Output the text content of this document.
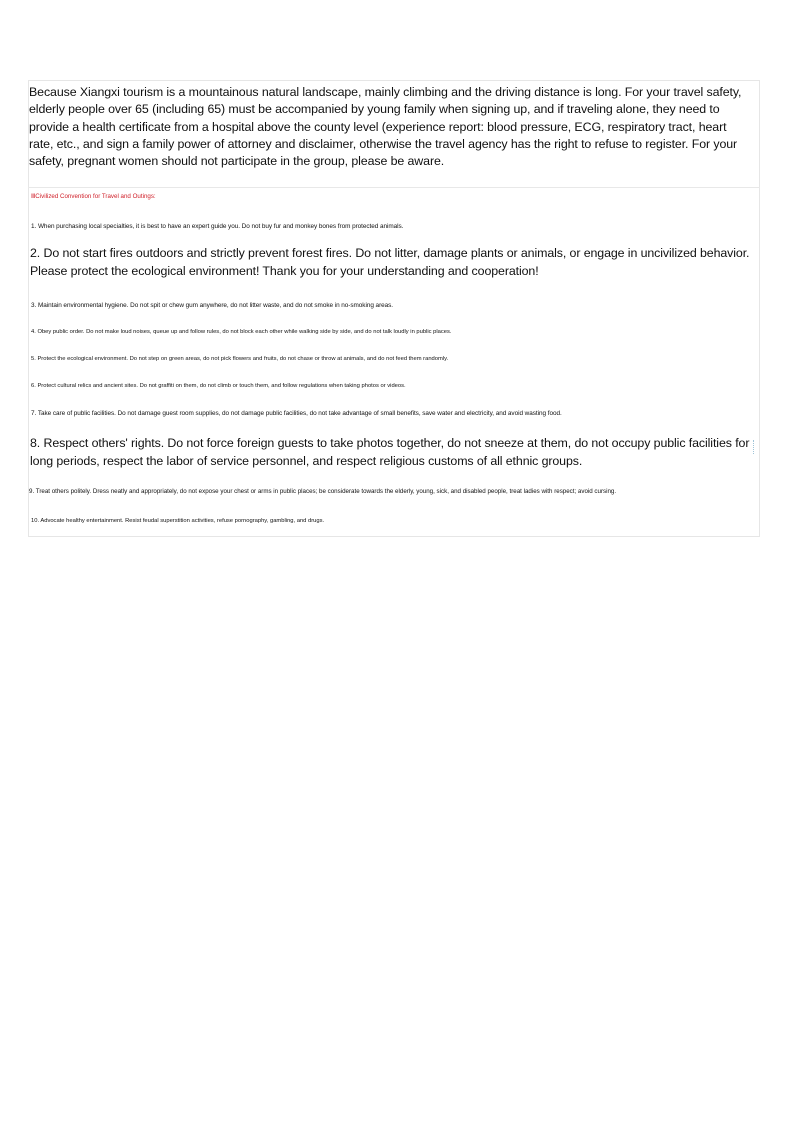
Because Xiangxi tourism is a mountainous natural landscape, mainly climbing and the driving distance is long. For your travel safety, elderly people over 65 (including 65) must be accompanied by young family when signing up, and if traveling alone, they need to provide a health certificate from a hospital above the county level (experience report: blood pressure, ECG, respiratory tract, heart rate, etc., and sign a family power of attorney and disclaimer, otherwise the travel agency has the right to refuse to register. For your safety, pregnant women should not participate in the group, please be aware.

ⅢCivilized Convention for Travel and Outings:

1. When purchasing local specialties, it is best to have an expert guide you. Do not buy fur and monkey bones from protected animals.

2. Do not start fires outdoors and strictly prevent forest fires. Do not litter, damage plants or animals, or engage in uncivilized behavior. Please protect the ecological environment! Thank you for your understanding and cooperation!

3. Maintain environmental hygiene. Do not spit or chew gum anywhere, do not litter waste, and do not smoke in no-smoking areas.

4. Obey public order. Do not make loud noises, queue up and follow rules, do not block each other while walking side by side, and do not talk loudly in public places.

5. Protect the ecological environment. Do not step on green areas, do not pick flowers and fruits, do not chase or throw at animals, and do not feed them randomly.

6. Protect cultural relics and ancient sites. Do not graffiti on them, do not climb or touch them, and follow regulations when taking photos or videos.

7. Take care of public facilities. Do not damage guest room supplies, do not damage public facilities, do not take advantage of small benefits, save water and electricity, and avoid wasting food.

8. Respect others' rights. Do not force foreign guests to take photos together, do not sneeze at them, do not occupy public facilities for long periods, respect the labor of service personnel, and respect religious customs of all ethnic groups.

9. Treat others politely. Dress neatly and appropriately, do not expose your chest or arms in public places; be considerate towards the elderly, young, sick, and disabled people, treat ladies with respect; avoid cursing.

10. Advocate healthy entertainment. Resist feudal superstition activities, refuse pornography, gambling, and drugs.
